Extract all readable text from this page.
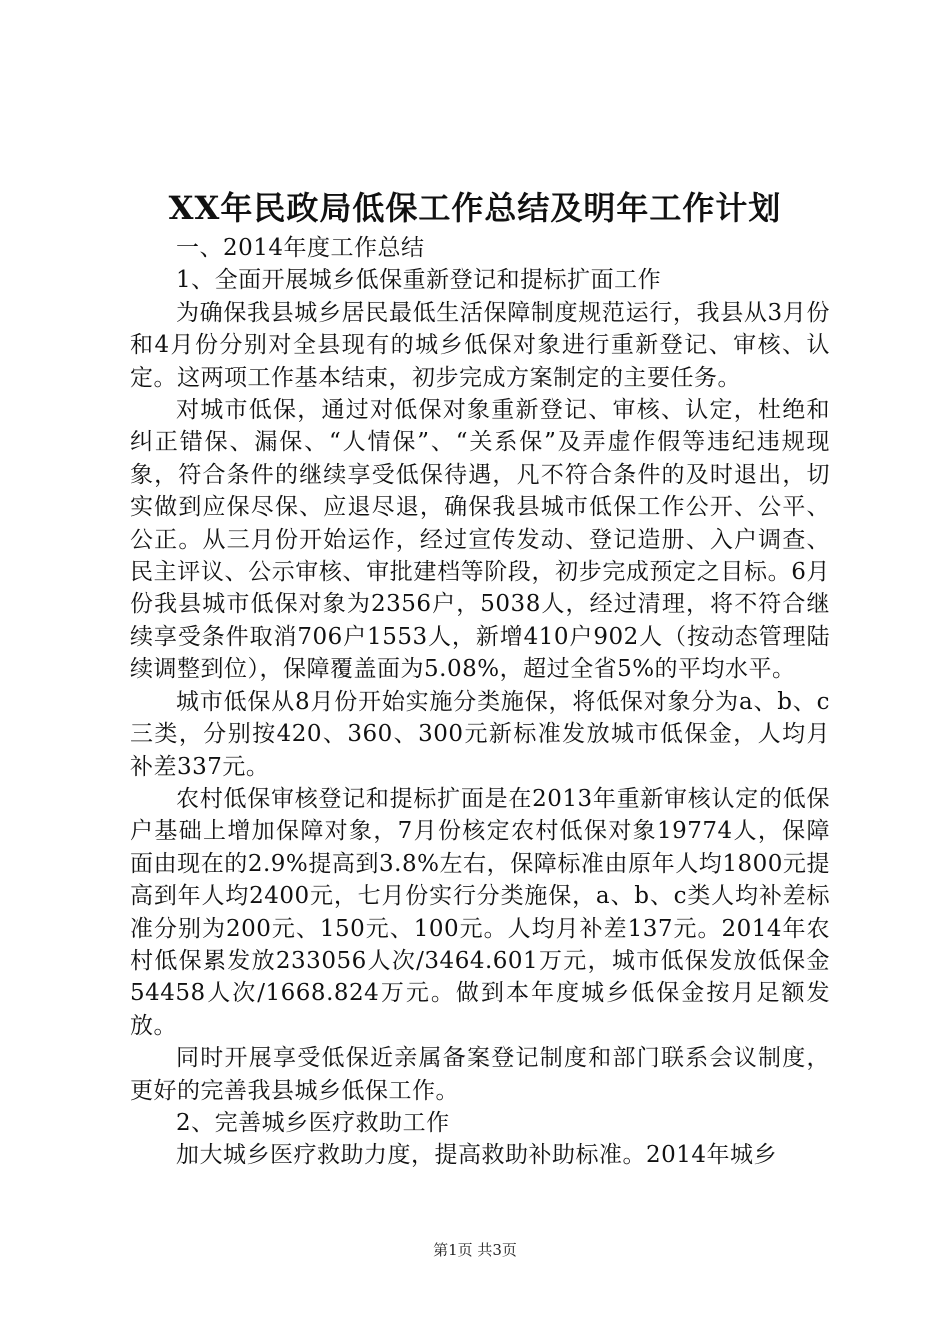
XX年民政局低保工作总结及明年工作计划

一、2014年度工作总结

1、全面开展城乡低保重新登记和提标扩面工作

为确保我县城乡居民最低生活保障制度规范运行，我县从3月份和4月份分别对全县现有的城乡低保对象进行重新登记、审核、认定。这两项工作基本结束，初步完成方案制定的主要任务。

对城市低保，通过对低保对象重新登记、审核、认定，杜绝和纠正错保、漏保、“人情保”、“关系保”及弄虚作假等违纪违规现象，符合条件的继续享受低保待遇，凡不符合条件的及时退出，切实做到应保尽保、应退尽退，确保我县城市低保工作公开、公平、公正。从三月份开始运作，经过宣传发动、登记造册、入户调查、民主评议、公示审核、审批建档等阶段，初步完成预定之目标。6月份我县城市低保对象为2356户，5038人，经过清理，将不符合继续享受条件取消706户1553人，新增410户902人（按动态管理陆续调整到位），保障覆盖面为5.08%，超过全省5%的平均水平。

城市低保从8月份开始实施分类施保，将低保对象分为a、b、c三类，分别按420、360、300元新标准发放城市低保金，人均月补差337元。

农村低保审核登记和提标扩面是在2013年重新审核认定的低保户基础上增加保障对象，7月份核定农村低保对象19774人，保障面由现在的2.9%提高到3.8%左右，保障标准由原年人均1800元提高到年人均2400元，七月份实行分类施保，a、b、c类人均补差标准分别为200元、150元、100元。人均月补差137元。2014年农村低保累发放233056人次/3464.601万元，城市低保发放低保金54458人次/1668.824万元。做到本年度城乡低保金按月足额发放。

同时开展享受低保近亲属备案登记制度和部门联系会议制度，更好的完善我县城乡低保工作。

2、完善城乡医疗救助工作

加大城乡医疗救助力度，提高救助补助标准。2014年城乡

第1页 共3页
